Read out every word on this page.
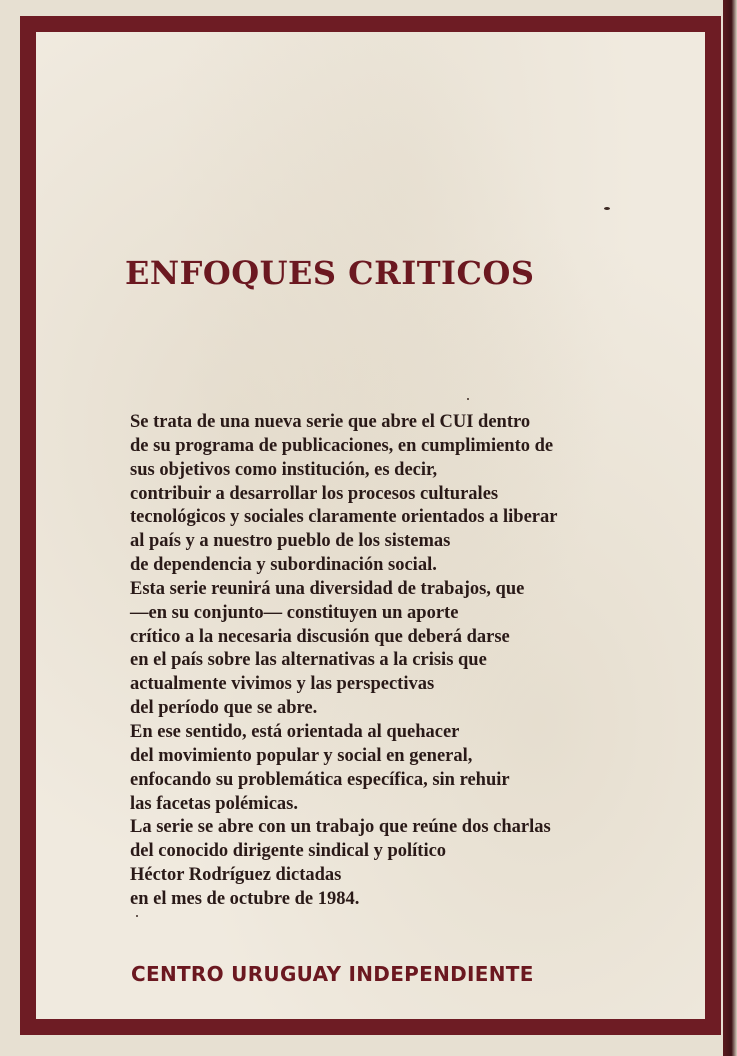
ENFOQUES CRITICOS
Se trata de una nueva serie que abre el CUI dentro
de su programa de publicaciones, en cumplimiento de
sus objetivos como institución, es decir,
contribuir a desarrollar los procesos culturales
tecnológicos y sociales claramente orientados a liberar
al país y a nuestro pueblo de los sistemas
de dependencia y subordinación social.
Esta serie reunirá una diversidad de trabajos, que
—en su conjunto— constituyen un aporte
crítico a la necesaria discusión que deberá darse
en el país sobre las alternativas a la crisis que
actualmente vivimos y las perspectivas
del período que se abre.
En ese sentido, está orientada al quehacer
del movimiento popular y social en general,
enfocando su problemática específica, sin rehuir
las facetas polémicas.
La serie se abre con un trabajo que reúne dos charlas
del conocido dirigente sindical y político
Héctor Rodríguez dictadas
en el mes de octubre de 1984.
CENTRO URUGUAY INDEPENDIENTE
